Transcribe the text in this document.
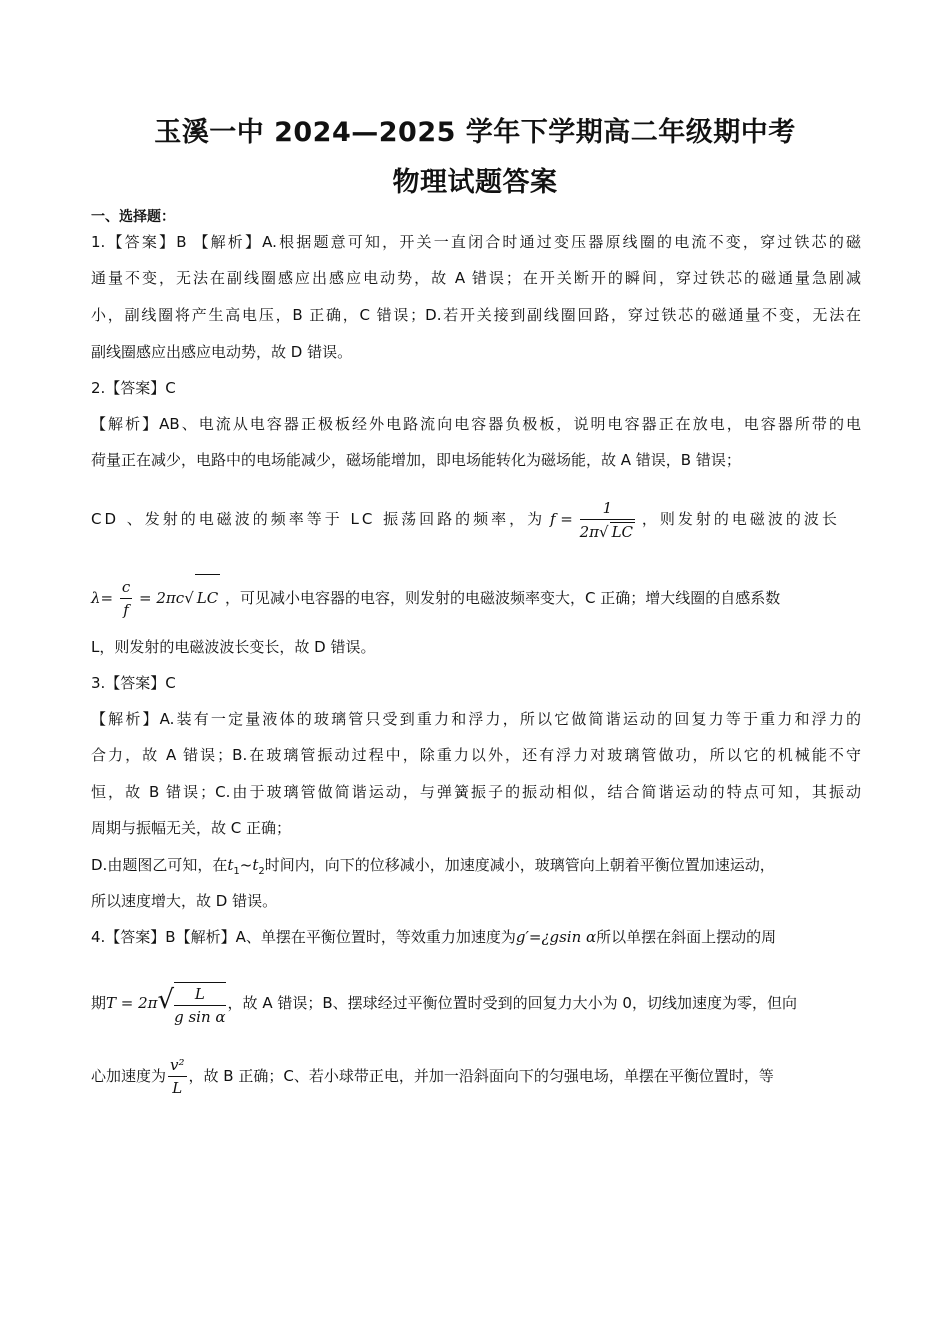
玉溪一中 2024—2025 学年下学期高二年级期中考
物理试题答案
一、选择题：
1.【答案】B 【解析】A.根据题意可知，开关一直闭合时通过变压器原线圈的电流不变，穿过铁芯的磁
通量不变，无法在副线圈感应出感应电动势，故 A 错误；在开关断开的瞬间，穿过铁芯的磁通量急剧减
小，副线圈将产生高电压，B 正确，C 错误；D.若开关接到副线圈回路，穿过铁芯的磁通量不变，无法在
副线圈感应出感应电动势，故 D 错误。
2.【答案】C
【解析】AB、电流从电容器正极板经外电路流向电容器负极板，说明电容器正在放电，电容器所带的电
荷量正在减少，电路中的电场能减少，磁场能增加，即电场能转化为磁场能，故 A 错误，B 错误；
CD 、发射的电磁波的频率等于 LC 振荡回路的频率，为 $f = \frac{1}{2\pi√ LC}$ ，则发射的电磁波的波长
$\lambda= \frac{c}{f} = 2\pi c√$ LC ，可见减小电容器的电容，则发射的电磁波频率变大，C 正确；增大线圈的自感系数
L，则发射的电磁波波长变长，故 D 错误。
3.【答案】C
【解析】A.装有一定量液体的玻璃管只受到重力和浮力，所以它做简谐运动的回复力等于重力和浮力的
合力，故 A 错误；B.在玻璃管振动过程中，除重力以外，还有浮力对玻璃管做功，所以它的机械能不守
恒，故 B 错误；C.由于玻璃管做简谐运动，与弹簧振子的振动相似，结合简谐运动的特点可知，其振动
周期与振幅无关，故 C 正确；
D.由题图乙可知，在$t_1\sim t_2$时间内，向下的位移减小，加速度减小，玻璃管向上朝着平衡位置加速运动，
所以速度增大，故 D 错误。
4.【答案】B【解析】A、单摆在平衡位置时，等效重力加速度为g′=¿gsin α所以单摆在斜面上摆动的周
期$T = 2\pi√ \frac{L}{\text{g sin α}}$ ，故 A 错误；B、摆球经过平衡位置时受到的回复力大小为 0，切线加速度为零，但向
心加速度为 $\frac{\text{v²}}{L}$ ，故 B 正确；C、若小球带正电，并加一沿斜面向下的匀强电场，单摆在平衡位置时，等
